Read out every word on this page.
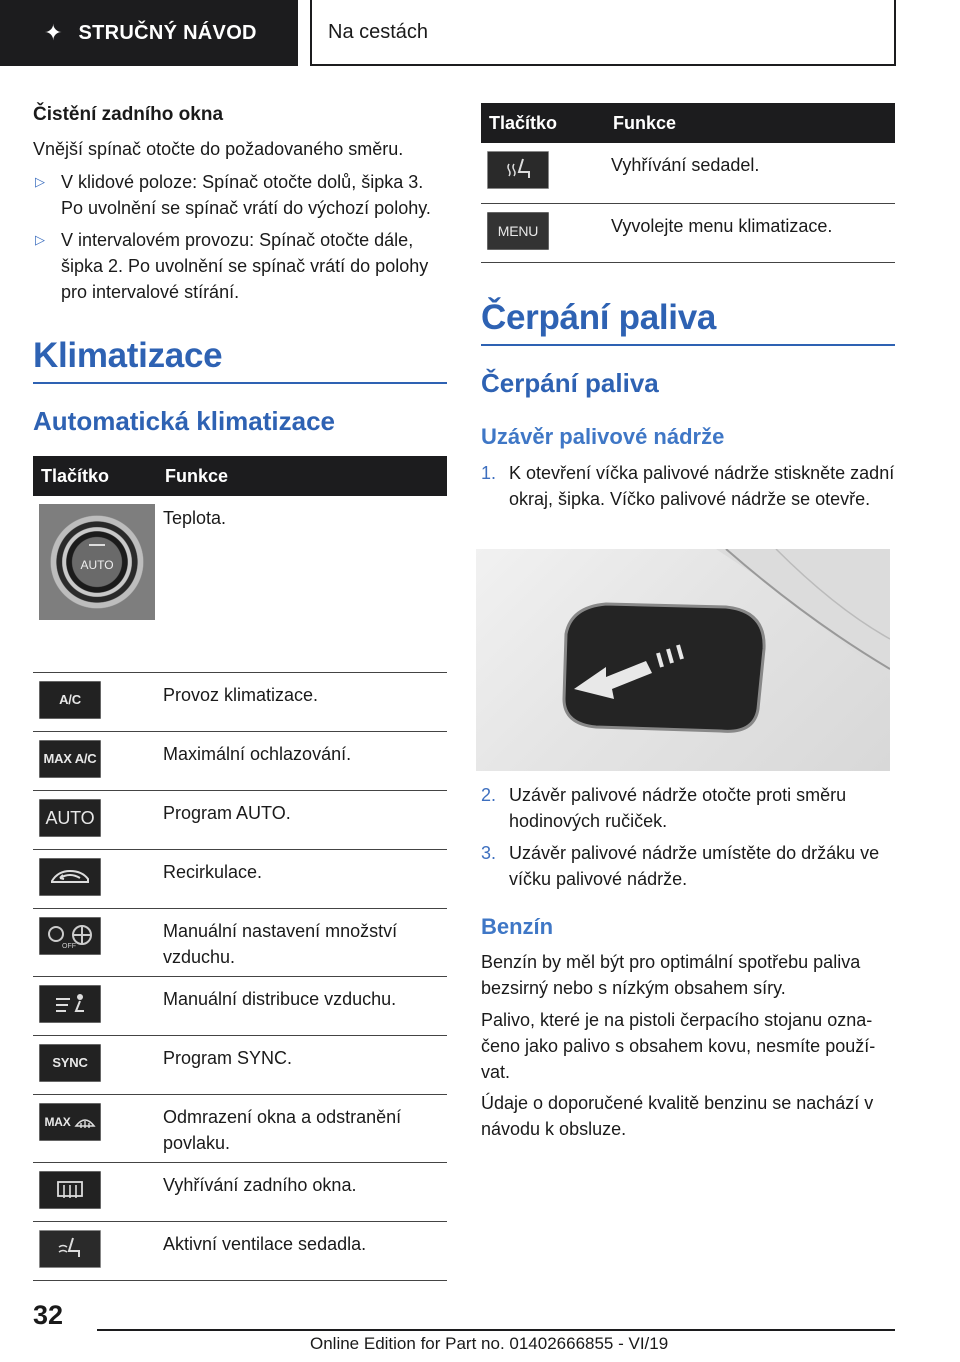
✦ STRUČNÝ NÁVOD	Na cestách
Čistění zadního okna

Vnější spínač otočte do požadovaného směru.

▷ V klidové poloze: Spínač otočte dolů, šipka 3. Po uvolnění se spínač vrátí do výchozí polohy.
▷ V intervalovém provozu: Spínač otočte dále, šipka 2. Po uvolnění se spínač vrátí do polohy pro intervalové stírání.
Klimatizace
Automatická klimatizace
Tlačítko	Funkce

AUTO	Teplota.

A/C	Provoz klimatizace.

MAX A/C	Maximální ochlazování.

AUTO	Program AUTO.

	Recirkulace.

OFF	Manuální nastavení množství vzduchu.

	Manuální distribuce vzduchu.

SYNC	Program SYNC.

MAX	Odmrazení okna a odstranění povlaku.

	Vyhřívání zadního okna.

	Aktivní ventilace sedadla.
Tlačítko	Funkce

	Vyhřívání sedadel.

MENU	Vyvolejte menu klimatizace.
Čerpání paliva
Čerpání paliva
Uzávěr palivové nádrže
1. K otevření víčka palivové nádrže stiskněte zadní okraj, šipka. Víčko palivové nádrže se otevře.
2. Uzávěr palivové nádrže otočte proti směru hodinových ručiček.
3. Uzávěr palivové nádrže umístěte do držáku ve víčku palivové nádrže.
Benzín

Benzín by měl být pro optimální spotřebu paliva bezsirný nebo s nízkým obsahem síry.

Palivo, které je na pistoli čerpacího stojanu označeno jako palivo s obsahem kovu, nesmíte používat.

Údaje o doporučené kvalitě benzinu se nachází v návodu k obsluze.

32
Online Edition for Part no. 01402666855 - VI/19
